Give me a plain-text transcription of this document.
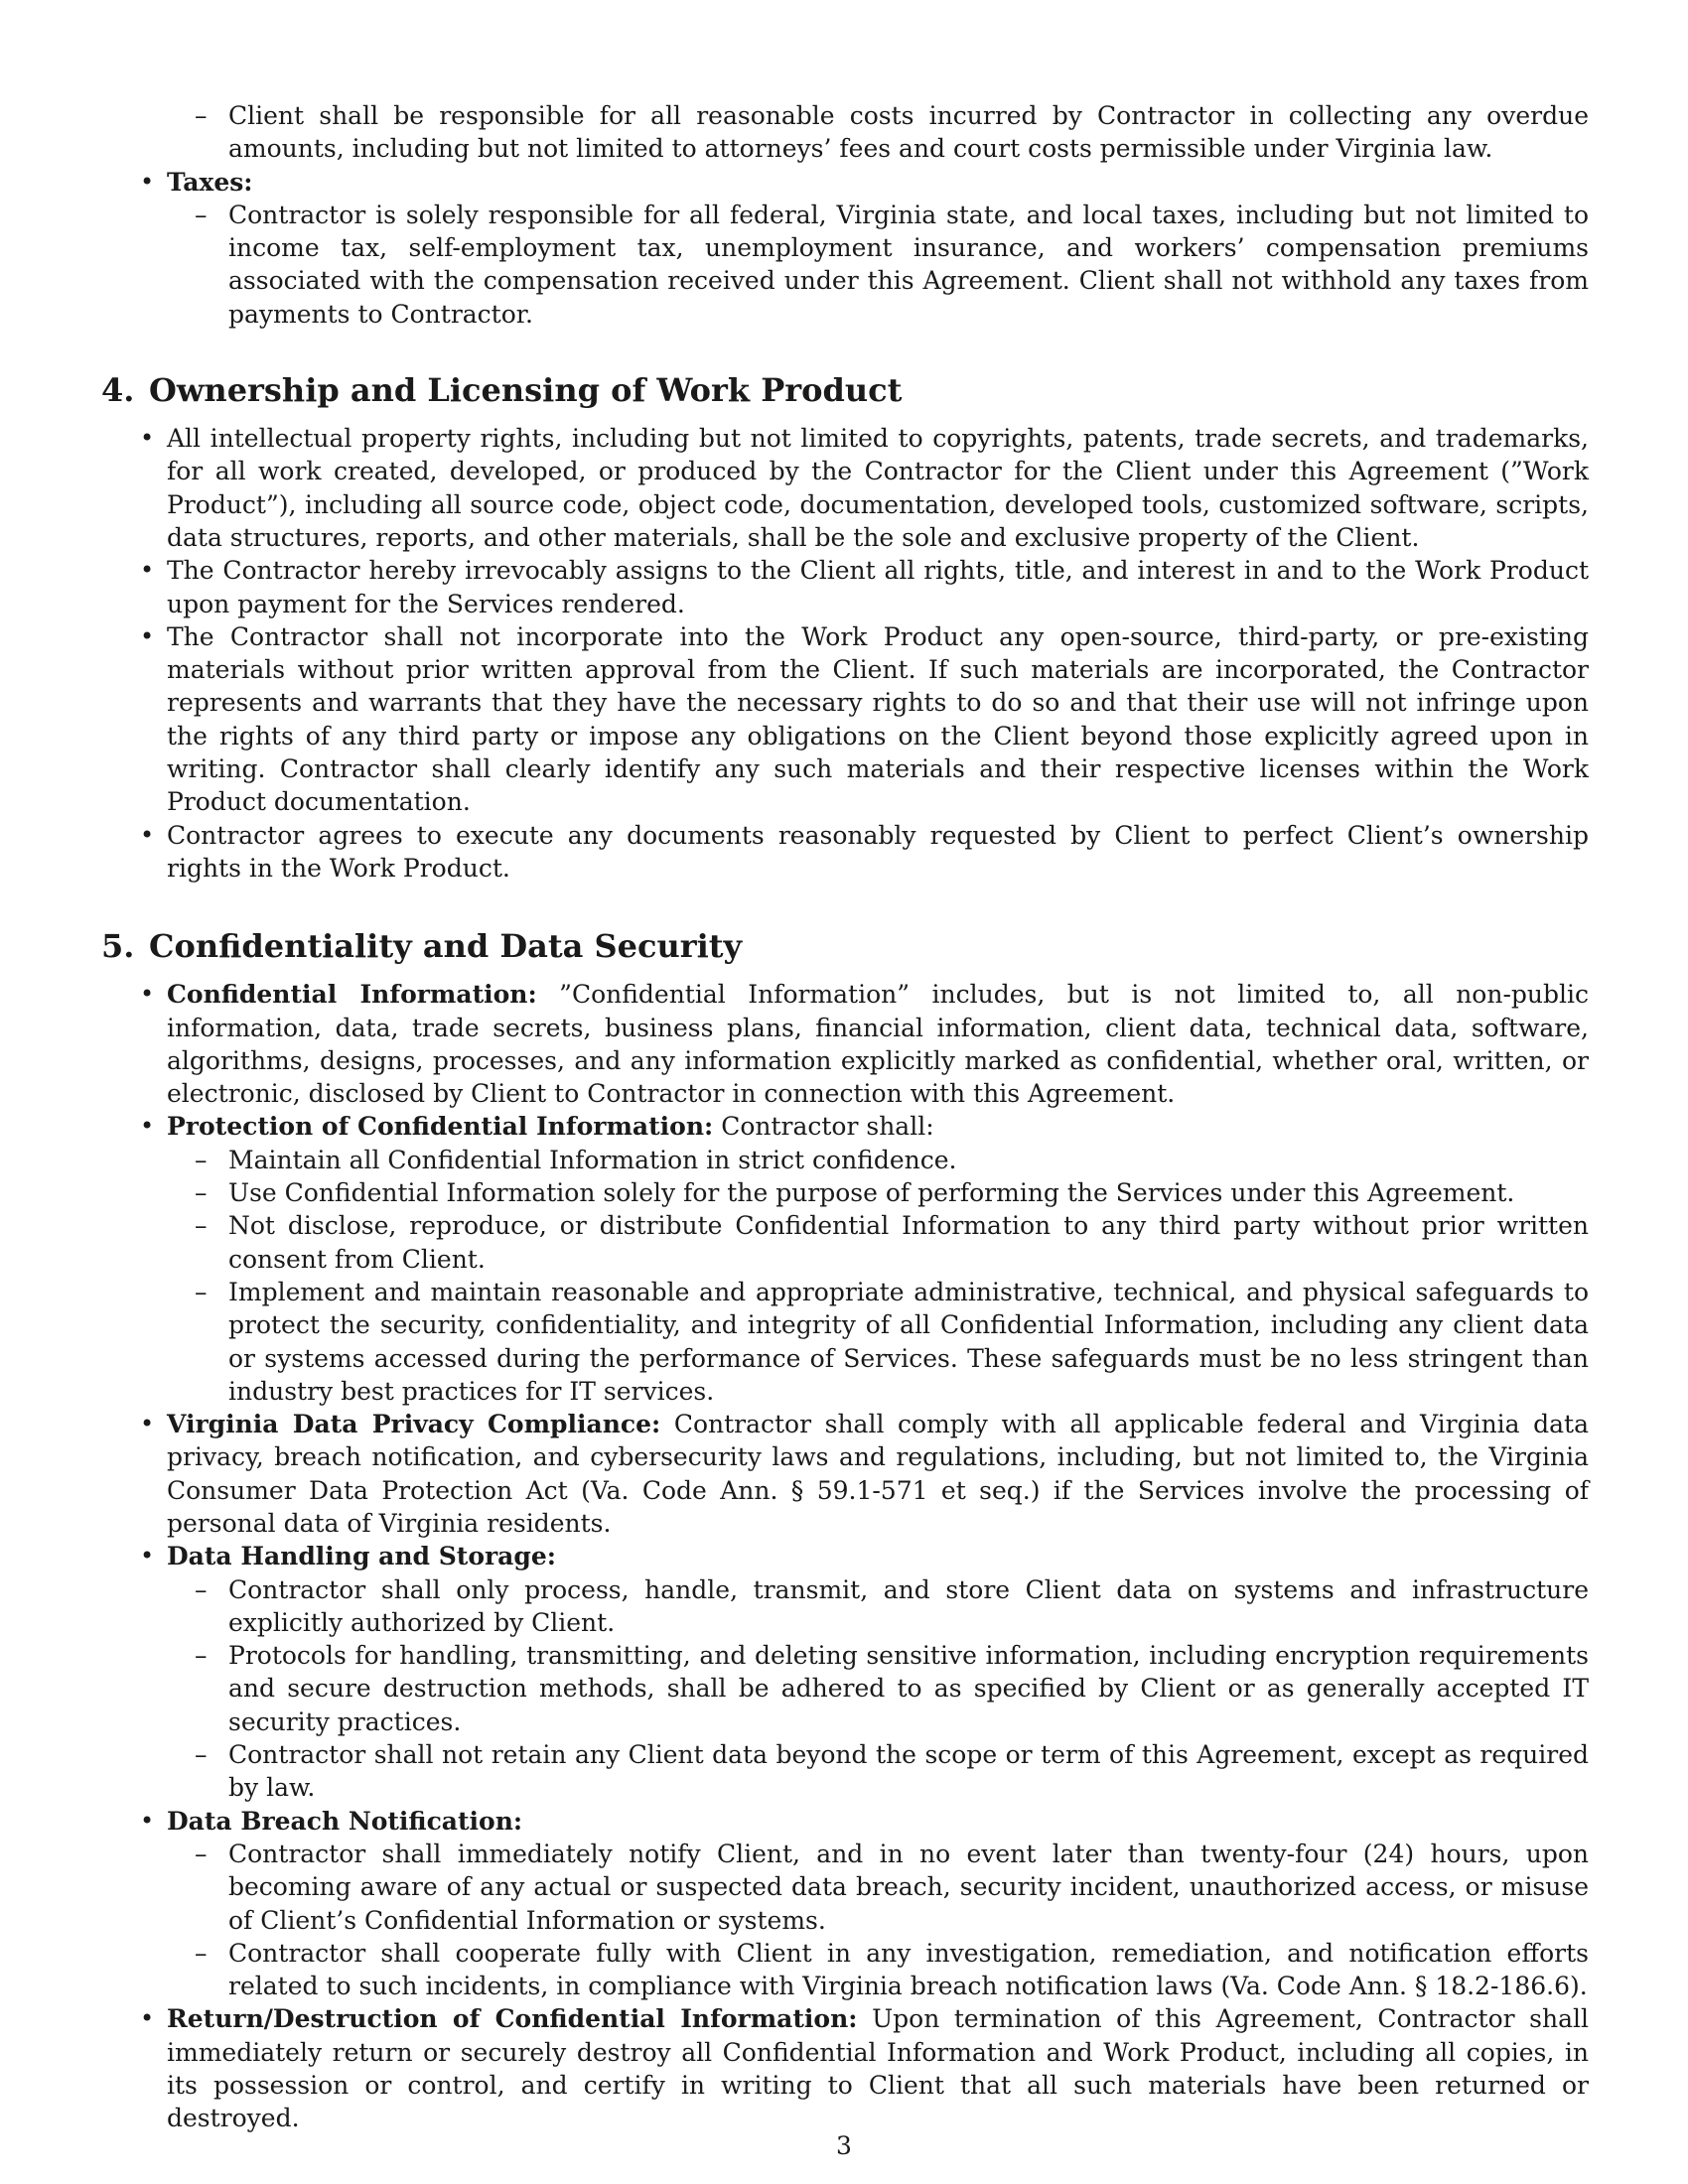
– Client shall be responsible for all reasonable costs incurred by Contractor in collecting any overdue amounts, including but not limited to attorneys’ fees and court costs permissible under Virginia law.
• Taxes:
– Contractor is solely responsible for all federal, Virginia state, and local taxes, including but not limited to income tax, self-employment tax, unemployment insurance, and workers’ compensation premiums associated with the compensation received under this Agreement. Client shall not withhold any taxes from payments to Contractor.
4. Ownership and Licensing of Work Product
• All intellectual property rights, including but not limited to copyrights, patents, trade secrets, and trademarks, for all work created, developed, or produced by the Contractor for the Client under this Agreement (”Work Product”), including all source code, object code, documentation, developed tools, customized software, scripts, data structures, reports, and other materials, shall be the sole and exclusive property of the Client.
• The Contractor hereby irrevocably assigns to the Client all rights, title, and interest in and to the Work Product upon payment for the Services rendered.
• The Contractor shall not incorporate into the Work Product any open-source, third-party, or pre-existing materials without prior written approval from the Client. If such materials are incorporated, the Contractor represents and warrants that they have the necessary rights to do so and that their use will not infringe upon the rights of any third party or impose any obligations on the Client beyond those explicitly agreed upon in writing. Contractor shall clearly identify any such materials and their respective licenses within the Work Product documentation.
• Contractor agrees to execute any documents reasonably requested by Client to perfect Client’s ownership rights in the Work Product.
5. Confidentiality and Data Security
• Confidential Information: ”Confidential Information” includes, but is not limited to, all non-public information, data, trade secrets, business plans, financial information, client data, technical data, software, algorithms, designs, processes, and any information explicitly marked as confidential, whether oral, written, or electronic, disclosed by Client to Contractor in connection with this Agreement.
• Protection of Confidential Information: Contractor shall:
– Maintain all Confidential Information in strict confidence.
– Use Confidential Information solely for the purpose of performing the Services under this Agreement.
– Not disclose, reproduce, or distribute Confidential Information to any third party without prior written consent from Client.
– Implement and maintain reasonable and appropriate administrative, technical, and physical safeguards to protect the security, confidentiality, and integrity of all Confidential Information, including any client data or systems accessed during the performance of Services. These safeguards must be no less stringent than industry best practices for IT services.
• Virginia Data Privacy Compliance: Contractor shall comply with all applicable federal and Virginia data privacy, breach notification, and cybersecurity laws and regulations, including, but not limited to, the Virginia Consumer Data Protection Act (Va. Code Ann. § 59.1-571 et seq.) if the Services involve the processing of personal data of Virginia residents.
• Data Handling and Storage:
– Contractor shall only process, handle, transmit, and store Client data on systems and infrastructure explicitly authorized by Client.
– Protocols for handling, transmitting, and deleting sensitive information, including encryption requirements and secure destruction methods, shall be adhered to as specified by Client or as generally accepted IT security practices.
– Contractor shall not retain any Client data beyond the scope or term of this Agreement, except as required by law.
• Data Breach Notification:
– Contractor shall immediately notify Client, and in no event later than twenty-four (24) hours, upon becoming aware of any actual or suspected data breach, security incident, unauthorized access, or misuse of Client’s Confidential Information or systems.
– Contractor shall cooperate fully with Client in any investigation, remediation, and notification efforts related to such incidents, in compliance with Virginia breach notification laws (Va. Code Ann. § 18.2-186.6).
• Return/Destruction of Confidential Information: Upon termination of this Agreement, Contractor shall immediately return or securely destroy all Confidential Information and Work Product, including all copies, in its possession or control, and certify in writing to Client that all such materials have been returned or destroyed.
3
